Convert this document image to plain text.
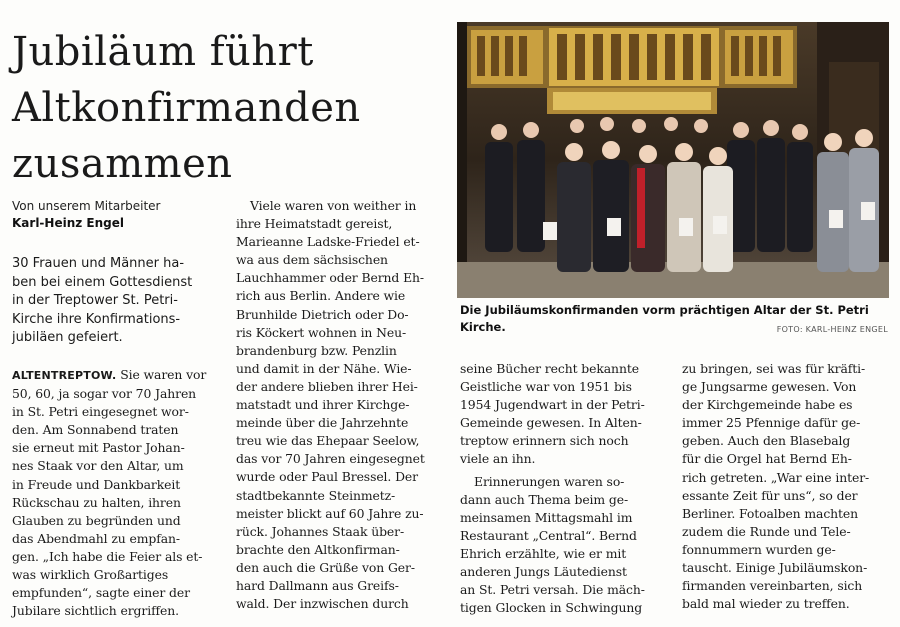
Jubiläum führt
Altkonfirmanden
zusammen
Von unserem Mitarbeiter
Karl-Heinz Engel

30 Frauen und Männer ha-
ben bei einem Gottesdienst
in der Treptower St. Petri-
Kirche ihre Konfirmations-
jubiläen gefeiert.

ALTENTREPTOW. Sie waren vor
50, 60, ja sogar vor 70 Jahren
in St. Petri eingesegnet wor-
den. Am Sonnabend traten
sie erneut mit Pastor Johan-
nes Staak vor den Altar, um
in Freude und Dankbarkeit
Rückschau zu halten, ihren
Glauben zu begründen und
das Abendmahl zu empfan-
gen. „Ich habe die Feier als et-
was wirklich Großartiges
empfunden“, sagte einer der
Jubilare sichtlich ergriffen.

Viele waren von weither in
ihre Heimatstadt gereist,
Marieanne Ladske-Friedel et-
wa aus dem sächsischen
Lauchhammer oder Bernd Eh-
rich aus Berlin. Andere wie
Brunhilde Dietrich oder Do-
ris Köckert wohnen in Neu-
brandenburg bzw. Penzlin
und damit in der Nähe. Wie-
der andere blieben ihrer Hei-
matstadt und ihrer Kirchge-
meinde über die Jahrzehnte
treu wie das Ehepaar Seelow,
das vor 70 Jahren eingesegnet
wurde oder Paul Bressel. Der
stadtbekannte Steinmetz-
meister blickt auf 60 Jahre zu-
rück. Johannes Staak über-
brachte den Altkonfirman-
den auch die Grüße von Ger-
hard Dallmann aus Greifs-
wald. Der inzwischen durch

seine Bücher recht bekannte
Geistliche war von 1951 bis
1954 Jugendwart in der Petri-
Gemeinde gewesen. In Alten-
treptow erinnern sich noch
viele an ihn.
Erinnerungen waren so-
dann auch Thema beim ge-
meinsamen Mittagsmahl im
Restaurant „Central“. Bernd
Ehrich erzählte, wie er mit
anderen Jungs Läutedienst
an St. Petri versah. Die mäch-
tigen Glocken in Schwingung

zu bringen, sei was für kräfti-
ge Jungsarme gewesen. Von
der Kirchgemeinde habe es
immer 25 Pfennige dafür ge-
geben. Auch den Blasebalg
für die Orgel hat Bernd Eh-
rich getreten. „War eine inter-
essante Zeit für uns“, so der
Berliner. Fotoalben machten
zudem die Runde und Tele-
fonnummern wurden ge-
tauscht. Einige Jubiläumskon-
firmanden vereinbarten, sich
bald mal wieder zu treffen.

Die Jubiläumskonfirmanden vorm prächtigen Altar der St. Petri
Kirche.	FOTO: KARL-HEINZ ENGEL
